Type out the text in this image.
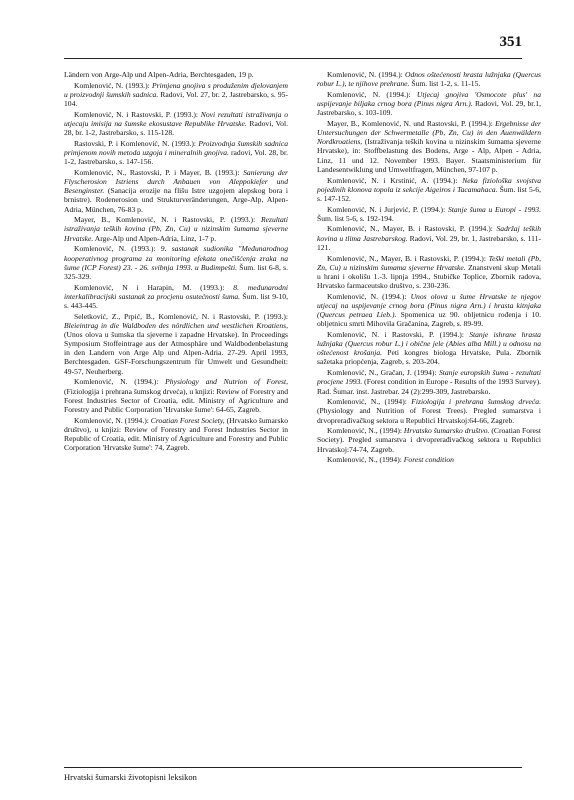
351

Ländern von Arge-Alp und Alpen-Adria, Berchtesgaden, 19 p.

Komlenović, N. (1993.): Primjena gnojiva s produženim djelovanjem u proizvodnji šumskih sadnica. Radovi, Vol. 27, br. 2, Jastrebarsko, s. 95-104.

Komlenović, N. i Rastovski, P. (1993.): Novi rezultati istraživanja o utjecaju imisija na šumske ekosustave Republike Hrvatske. Radovi, Vol. 28, br. 1-2, Jastrebarsko, s. 115-128.

Rastovski, P. i Komlenović, N. (1993.): Proizvodnja šumskih sadnica primjenom novih metoda uzgoja i mineralnih gnojiva. radovi, Vol. 28, br. 1-2, Jastrebarsko, s. 147-156.

Komlenović, N., Rastovski, P. i Mayer, B. (1993.): Sanierung der Flyscherosion Istriens durch Anbauen von Aleppokiefer und Besenginster. (Sanacija erozije na flišu Istre uzgojem alepskog bora i brnistre). Rodenerosion und Strukturveränderungen, Arge-Alp, Alpen-Adria, München, 76-83 p.

Mayer, B., Komlenović, N. i Rastovski, P. (1993.): Rezultati istraživanja teških kovina (Pb, Zn, Cu) u nizinskim šumama sjeverne Hrvatske. Arge-Alp und Alpen-Adria, Linz, 1-7 p.

Komlenović, N. (1993.): 9. sastanak sudionika "Međunarodnog kooperativnog programa za monitoring efekata onečišćenja zraka na šume (ICP Forest) 23. - 26. svibnja 1993. u Budimpešti. Šum. list 6-8, s. 325-329.

Komlenović, N i Harapin, M. (1993.): 8. međunarodni interkalibracijski sastanak za procjenu osutećnosti šuma. Šum. list 9-10, s. 443-445.

Seletković, Z., Prpić, B., Komlenović, N. i Rastovski, P. (1993.): Bleieintrag in die Waldboden des nördlichen und westlichen Kroatiens, (Unos olova u šumska tla sjeverne i zapadne Hrvatske). In Proceedings Symposium Stoffeintrage aus der Atmosphäre und Waldbodenbelastung in den Landern von Arge Alp und Alpen-Adria. 27-29. April 1993, Berchtesgaden. GSF-Forschungszentrum für Umwelt und Gesundheit: 49-57, Neuherberg.

Komlenović, N. (1994.): Physiology and Nutrion of Forest, (Fiziologija i prehrana šumskog drveća), u knjizi: Review of Forestry and Forest Industries Sector of Croatia, edit. Ministry of Agriculture and Forestry and Public Corporation 'Hrvatske šume': 64-65, Zagreb.

Komlenović, N. (1994.): Croatian Forest Society, (Hrvatsko šumarsko društvo), u knjizi: Review of Forestry and Forest Industries Sector in Republic of Croatia, edit. Ministry of Agriculture and Forestry and Public Corporation 'Hrvatske šume': 74, Zagreb.

Komlenović, N. (1994.): Odnos oštećenosti hrasta lužnjaka (Quercus robur L.), te njihove prehrane. Šum. list 1-2, s. 11-15.

Komlenović, N. (1994.): Utjecaj gnojiva 'Osmocote plus' na uspijevanje biljaka crnog bora (Pinus nigra Arn.). Radovi, Vol. 29, br.1, Jastrebarsko, s. 103-109.

Mayer, B., Komlenović, N. und Rastovski, P. (1994.): Ergebnisse der Untersuchungen der Schwermetalle (Pb, Zn, Cu) in den Auenwäldern Nordkroatiens, (Istraživanja teških kovina u nizinskim šumama sjeverne Hrvatske), in: Stoffbelastung des Bodens, Arge - Alp, Alpen - Adria, Linz, 11 und 12. November 1993. Bayer. Staatsministerium für Landesentwiklung und Umweltfragen, München, 97-107 p.

Komlenović, N. i Krstinić, A. (1994.): Neka fiziološka svojstva pojedinih klonova topola iz sekcije Aigeiros i Tacamahaca. Šum. list 5-6, s. 147-152.

Komlenović, N. i Jurjević, P. (1994.): Stanje šuma u Europi - 1993. Šum. list 5-6, s. 192-194.

Komlenović, N., Mayer, B. i Rastovski, P. (1994.): Sadržaj teških kovina u tlima Jastrebarskog. Radovi, Vol. 29, br. 1, Jastrebarsko, s. 111-121.

Komlenović, N., Mayer, B. i Rastovski, P. (1994.): Teški metali (Pb, Zn, Cu) u nizinskim šumama sjeverne Hrvatske. Znanstveni skup Metali u hrani i okolišu 1.-3. lipnja 1994., Stubičke Toplice, Zbornik radova, Hrvatsko farmaceutsko društvo, s. 230-236.

Komlenović, N. (1994.): Unos olova u šume Hrvatske te njegov utjecaj na uspijevanje crnog bora (Pinus nigra Arn.) i hrasta kitnjaka (Quercus petraea Lieb.). Spomenica uz 90. obljetnicu rođenja i 10. obljetnicu smrti Mihovila Gračanina, Zagreb, s. 89-99.

Komlenović, N. i Rastovski, P. (1994.): Stanje ishrane hrasta lužnjaka (Quercus robur L.) i obične jele (Abies alba Mill.) u odnosu na oštećenost krošanja. Peti kongres biologa Hrvatske, Pula. Zbornik sažetaka priopćenja, Zagreb, s. 203-204.

Komlenović, N., Gračan, J. (1994): Stanje europskih šuma - rezultati procjene 1993. (Forest condition in Europe - Results of the 1993 Survey). Rad. Šumar. inst. Jastrebar. 24 (2):299-309, Jastrebarsko.

Komlenović, N., (1994): Fiziologija i prehrana šumskog drveća. (Physiology and Nutrition of Forest Trees). Pregled sumarstva i drvoprerađivačkog sektora u Republici Hrvatskoj:64-66, Zagreb.

Komlenović, N., (1994): Hrvatsko šumarsko društvo. (Croatian Forest Society). Pregled sumarstva i drvoprerađivačkog sektora u Republici Hrvatskoj:74-74, Zagreb.

Komlenović, N., (1994): Forest condition

Hrvatski šumarski životopisni leksikon
